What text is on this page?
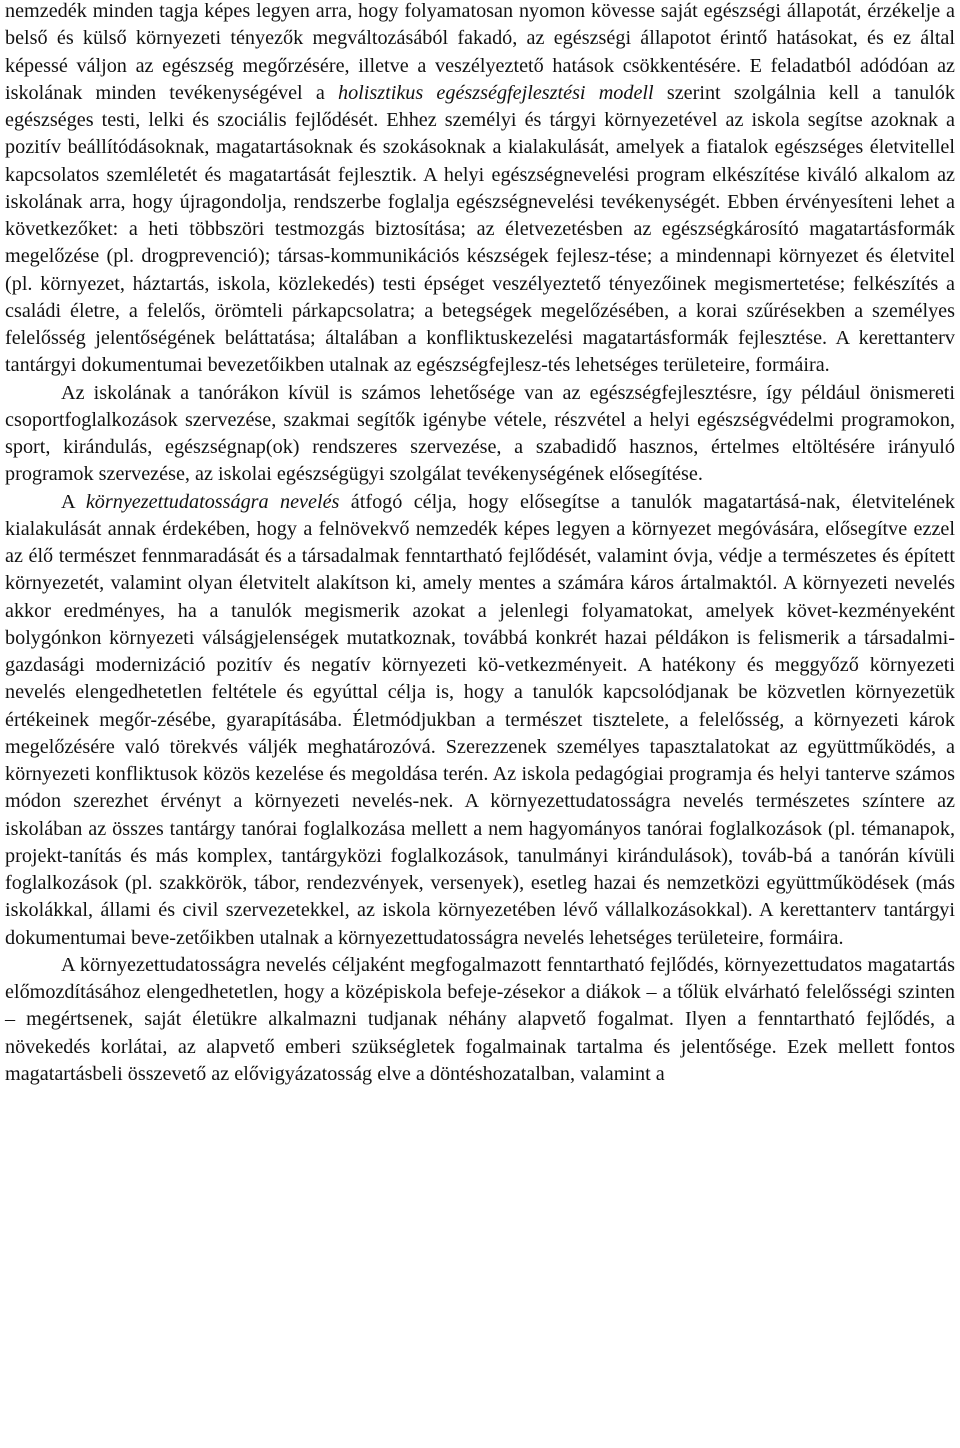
nemzedék minden tagja képes legyen arra, hogy folyamatosan nyomon kövesse saját egészségi állapotát, érzékelje a belső és külső környezeti tényezők megváltozásából fakadó, az egészségi állapotot érintő hatásokat, és ez által képessé váljon az egészség megőrzésére, illetve a veszélyeztető hatások csökkentésére. E feladatból adódóan az iskolának minden tevékenységével a holisztikus egészségfejlesztési modell szerint szolgálnia kell a tanulók egészséges testi, lelki és szociális fejlődését. Ehhez személyi és tárgyi környezetével az iskola segítse azoknak a pozitív beállítódásoknak, magatartásoknak és szokásoknak a kialakulását, amelyek a fiatalok egészséges életvitellel kapcsolatos szemléletét és magatartását fejlesztik. A helyi egészségnevelési program elkészítése kiváló alkalom az iskolának arra, hogy újragondolja, rendszerbe foglalja egészségnevelési tevékenységét. Ebben érvényesíteni lehet a következőket: a heti többszöri testmozgás biztosítása; az életvezetésben az egészségkárosító magatartásformák megelőzése (pl. drogprevenció); társas-kommunikációs készségek fejlesz-tése; a mindennapi környezet és életvitel (pl. környezet, háztartás, iskola, közlekedés) testi épséget veszélyeztető tényezőinek megismertetése; felkészítés a családi életre, a felelős, örömteli párkapcsolatra; a betegségek megelőzésében, a korai szűrésekben a személyes felelősség jelentőségének beláttatása; általában a konfliktuskezelési magatartásformák fejlesztése. A kerettanterv tantárgyi dokumentumai bevezetőikben utalnak az egészségfejlesz-tés lehetséges területeire, formáira.

Az iskolának a tanórákon kívül is számos lehetősége van az egészségfejlesztésre, így például önismereti csoportfoglalkozások szervezése, szakmai segítők igénybe vétele, részvétel a helyi egészségvédelmi programokon, sport, kirándulás, egészségnap(ok) rendszeres szervezése, a szabadidő hasznos, értelmes eltöltésére irányuló programok szervezése, az iskolai egészségügyi szolgálat tevékenységének elősegítése.

A környezettudatosságra nevelés átfogó célja, hogy elősegítse a tanulók magatartásá-nak, életvitelének kialakulását annak érdekében, hogy a felnövekvő nemzedék képes legyen a környezet megóvására, elősegítve ezzel az élő természet fennmaradását és a társadalmak fenntartható fejlődését, valamint óvja, védje a természetes és épített környezetét, valamint olyan életvitelt alakítson ki, amely mentes a számára káros ártalmaktól. A környezeti nevelés akkor eredményes, ha a tanulók megismerik azokat a jelenlegi folyamatokat, amelyek követ-kezményeként bolygónkon környezeti válságjelenségek mutatkoznak, továbbá konkrét hazai példákon is felismerik a társadalmi-gazdasági modernizáció pozitív és negatív környezeti kö-vetkezményeit. A hatékony és meggyőző környezeti nevelés elengedhetetlen feltétele és egyúttal célja is, hogy a tanulók kapcsolódjanak be közvetlen környezetük értékeinek megőr-zésébe, gyarapításába. Életmódjukban a természet tisztelete, a felelősség, a környezeti károk megelőzésére való törekvés váljék meghatározóvá. Szerezzenek személyes tapasztalatokat az együttműködés, a környezeti konfliktusok közös kezelése és megoldása terén. Az iskola pedagógiai programja és helyi tanterve számos módon szerezhet érvényt a környezeti nevelés-nek. A környezettudatosságra nevelés természetes színtere az iskolában az összes tantárgy tanórai foglalkozása mellett a nem hagyományos tanórai foglalkozások (pl. témanapok, projekt-tanítás és más komplex, tantárgyközi foglalkozások, tanulmányi kirándulások), továb-bá a tanórán kívüli foglalkozások (pl. szakkörök, tábor, rendezvények, versenyek), esetleg hazai és nemzetközi együttműködések (más iskolákkal, állami és civil szervezetekkel, az iskola környezetében lévő vállalkozásokkal). A kerettanterv tantárgyi dokumentumai beve-zetőikben utalnak a környezettudatosságra nevelés lehetséges területeire, formáira.

A környezettudatosságra nevelés céljaként megfogalmazott fenntartható fejlődés, környezettudatos magatartás előmozdításához elengedhetetlen, hogy a középiskola befeje-zésekor a diákok – a tőlük elvárható felelősségi szinten – megértsenek, saját életükre alkalmazni tudjanak néhány alapvető fogalmat. Ilyen a fenntartható fejlődés, a növekedés korlátai, az alapvető emberi szükségletek fogalmainak tartalma és jelentősége. Ezek mellett fontos magatartásbeli összevető az elővigyázatosság elve a döntéshozatalban, valamint a
